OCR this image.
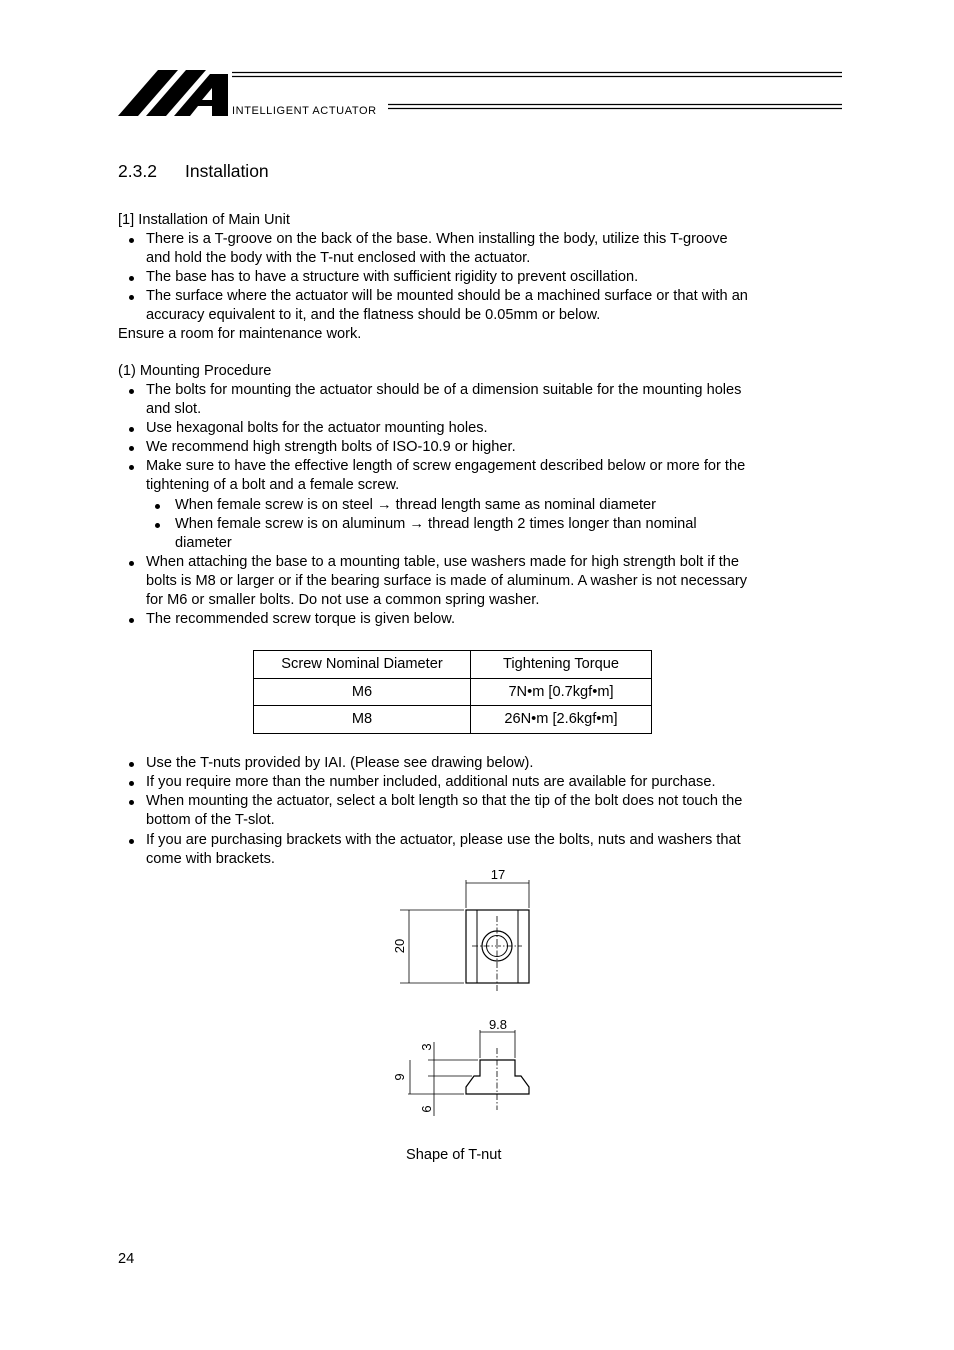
INTELLIGENT ACTUATOR
2.3.2 Installation
[1] Installation of Main Unit
There is a T-groove on the back of the base. When installing the body, utilize this T-groove
and hold the body with the T-nut enclosed with the actuator.
The base has to have a structure with sufficient rigidity to prevent oscillation.
The surface where the actuator will be mounted should be a machined surface or that with an
accuracy equivalent to it, and the flatness should be 0.05mm or below.
Ensure a room for maintenance work.
(1) Mounting Procedure
The bolts for mounting the actuator should be of a dimension suitable for the mounting holes
and slot.
Use hexagonal bolts for the actuator mounting holes.
We recommend high strength bolts of ISO-10.9 or higher.
Make sure to have the effective length of screw engagement described below or more for the
tightening of a bolt and a female screw.
When female screw is on steel → thread length same as nominal diameter
When female screw is on aluminum → thread length 2 times longer than nominal
diameter
When attaching the base to a mounting table, use washers made for high strength bolt if the
bolts is M8 or larger or if the bearing surface is made of aluminum. A washer is not necessary
for M6 or smaller bolts. Do not use a common spring washer.
The recommended screw torque is given below.
Screw Nominal Diameter	Tightening Torque
M6	7N•m [0.7kgf•m]
M8	26N•m [2.6kgf•m]
Use the T-nuts provided by IAI. (Please see drawing below).
If you require more than the number included, additional nuts are available for purchase.
When mounting the actuator, select a bolt length so that the tip of the bolt does not touch the
bottom of the T-slot.
If you are purchasing brackets with the actuator, please use the bolts, nuts and washers that
come with brackets.
17
20
9.8
3
9
6
Shape of T-nut
24
